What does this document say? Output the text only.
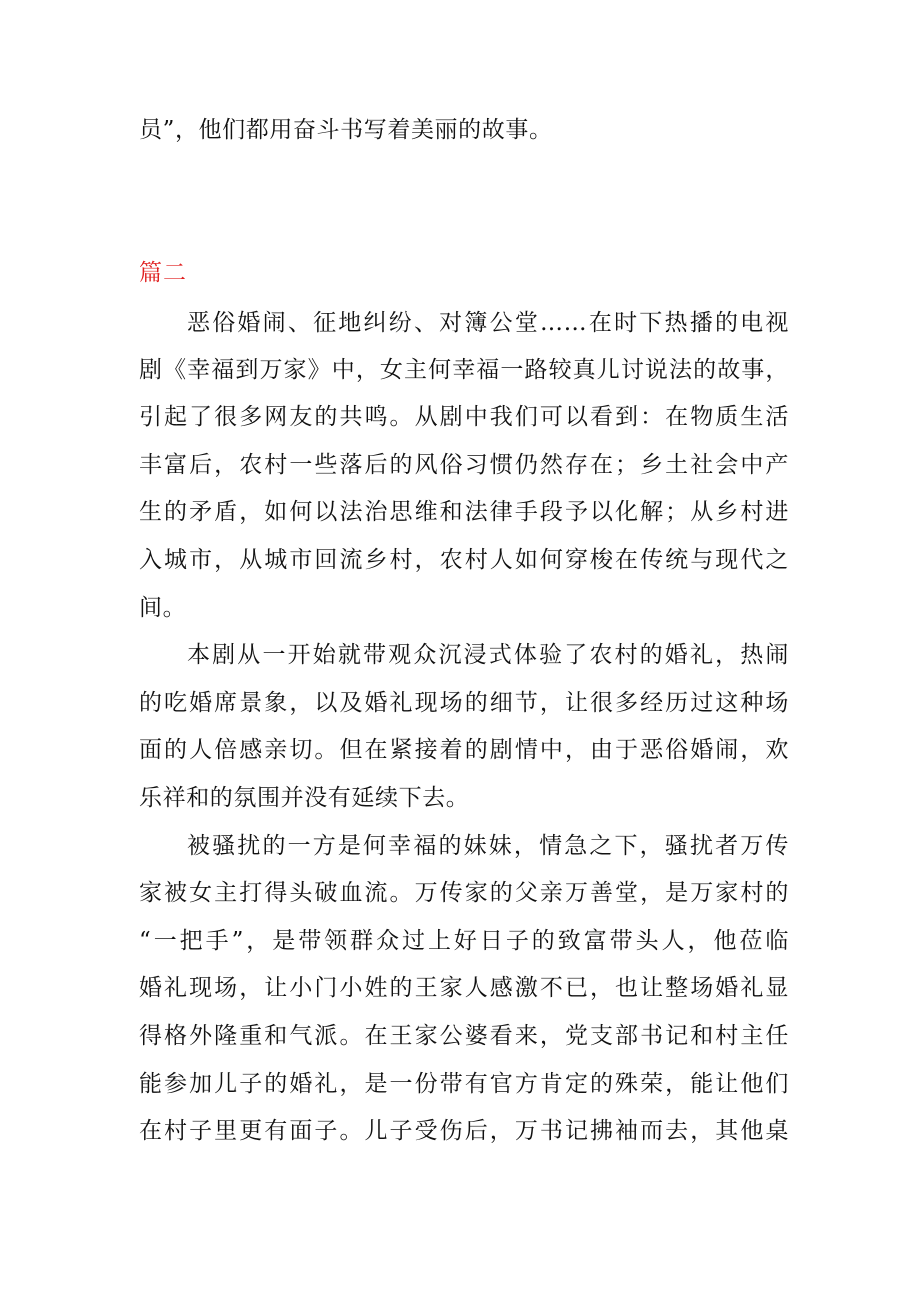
员”，他们都用奋斗书写着美丽的故事。
篇二
恶俗婚闹、征地纠纷、对簿公堂……在时下热播的电视
剧《幸福到万家》中，女主何幸福一路较真儿讨说法的故事，
引起了很多网友的共鸣。从剧中我们可以看到：在物质生活
丰富后，农村一些落后的风俗习惯仍然存在；乡土社会中产
生的矛盾，如何以法治思维和法律手段予以化解；从乡村进
入城市，从城市回流乡村，农村人如何穿梭在传统与现代之
间。
本剧从一开始就带观众沉浸式体验了农村的婚礼，热闹
的吃婚席景象，以及婚礼现场的细节，让很多经历过这种场
面的人倍感亲切。但在紧接着的剧情中，由于恶俗婚闹，欢
乐祥和的氛围并没有延续下去。
被骚扰的一方是何幸福的妹妹，情急之下，骚扰者万传
家被女主打得头破血流。万传家的父亲万善堂，是万家村的
“一把手”，是带领群众过上好日子的致富带头人，他莅临
婚礼现场，让小门小姓的王家人感激不已，也让整场婚礼显
得格外隆重和气派。在王家公婆看来，党支部书记和村主任
能参加儿子的婚礼，是一份带有官方肯定的殊荣，能让他们
在村子里更有面子。儿子受伤后，万书记拂袖而去，其他桌
